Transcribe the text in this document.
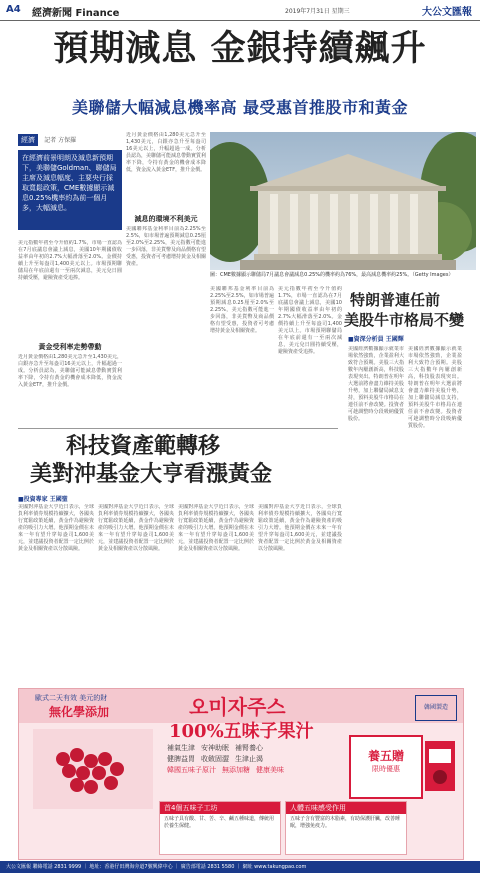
A4 經濟新聞 Finance	2019年7月31日 星期三	大公文匯報
預期減息 金銀持續飆升
美聯儲大幅減息機率高 最受惠首推股市和黃金
經濟 記者 方保羅
在經濟前景明朗及減息新預期下，美聯儲Goldman、聯儲局主席及減息幅度、主要央行採取寬鬆政策，CME數據顯示減息0.25%機率約為前一個月多，大幅減息。
美元指數年初至今升值約1.7%，市場一直認為在7月底議息會議上減息，美國10年期國債收益率由年初的2.7%大幅滑落至2.0%。金價持續上升至每盎司1,400美元以上。市場預期聯儲局在年底前還有一至兩次減息，美元兌日圓持續受壓，避險資產受追捧。
黃金受利率走勢帶動
近月黃金價格由1,280美元急升至1,430美元，白銀亦急升至每盎司16美元以上，升幅超過一成。分析員認為，美聯儲可能減息帶動實質利率下降，令持有黃金的機會成本降低，資金流入黃金ETF，推升金價。
近月黃金價格由1,280美元急升至1,430美元，白銀亦急升至每盎司16美元以上，升幅超過一成。分析員認為，美聯儲可能減息帶動實質利率下降，令持有黃金的機會成本降低，資金流入黃金ETF，推升金價。
減息的環境不利美元
美國聯邦基金利率目前為2.25%至2.5%，如市場普遍預期減息0.25厘至2.0%至2.25%，美元指數可能進一步回落，非美貨幣及商品價格有望受惠，投資者可考慮增持黃金及相關資產。
圖：CME數據顯示聯儲局7月議息會議減息0.25%的機率約為76%，最高減息機率約25%。（Getty Images）
美國聯邦基金利率目前為2.25%至2.5%，如市場普遍預期減息0.25厘至2.0%至2.25%，美元指數可能進一步回落，非美貨幣及商品價格有望受惠，投資者可考慮增持黃金及相關資產。
美元指數年初至今升值約1.7%，市場一直認為在7月底議息會議上減息，美國10年期國債收益率由年初的2.7%大幅滑落至2.0%。金價持續上升至每盎司1,400美元以上。市場預期聯儲局在年底前還有一至兩次減息，美元兌日圓持續受壓，避險資產受追捧。
特朗普連任前
美股牛市格局不變
■資深分析員 王國輝
美國經濟數據顯示就業市場依然強勁，企業盈利大致符合預期。美股三大指數年內屢創新高，科技股表現突出。特朗普在明年大選前將會盡力維持美股升勢，加上聯儲局減息支持，預料美股牛市格局在連任前不會改變。投資者可趁調整時分段吸納優質股份。
美國經濟數據顯示就業市場依然強勁，企業盈利大致符合預期。美股三大指數年內屢創新高，科技股表現突出。特朗普在明年大選前將會盡力維持美股升勢，加上聯儲局減息支持，預料美股牛市格局在連任前不會改變。投資者可趁調整時分段吸納優質股份。
科技資產範轉移
美對沖基金大亨看漲黃金
■投資專家 王國聖
美國對沖基金大亨近日表示，全球負利率債券規模持續擴大，各國央行寬鬆政策延續，黃金作為避險資產的吸引力大增。他預期金價在未來一年有望升穿每盎司1,600美元，並建議投資者配置一定比例於黃金及相關資產以分散風險。
美國對沖基金大亨近日表示，全球負利率債券規模持續擴大，各國央行寬鬆政策延續，黃金作為避險資產的吸引力大增。他預期金價在未來一年有望升穿每盎司1,600美元，並建議投資者配置一定比例於黃金及相關資產以分散風險。
美國對沖基金大亨近日表示，全球負利率債券規模持續擴大，各國央行寬鬆政策延續，黃金作為避險資產的吸引力大增。他預期金價在未來一年有望升穿每盎司1,600美元，並建議投資者配置一定比例於黃金及相關資產以分散風險。
美國對沖基金大亨近日表示，全球負利率債券規模持續擴大，各國央行寬鬆政策延續，黃金作為避險資產的吸引力大增。他預期金價在未來一年有望升穿每盎司1,600美元，並建議投資者配置一定比例於黃金及相關資產以分散風險。
歐式二天有效 美元的財
無化學添加	오미자주스
100%五味子果汁
韓國製造
補氣生津 安神助眠 補腎養心
健脾益胃 收斂固澀 生津止渴
韓國五味子原汁 無添加糖 健康美味
養五贈
限時優惠
首4個五味子工坊
五味子具有酸、甘、苦、辛、鹹五種味道，傳統用於養生保健。
人體五味感受作用
五味子含有豐富的木脂素，有助保護肝臟，改善睡眠，增強免疫力。
大公文匯報 聯絡電話 2831 9999 ｜ 地址：香港仔田灣海旁道7號興偉中心 ｜ 廣告部電話 2831 5580 ｜ 網址 www.takungpao.com
